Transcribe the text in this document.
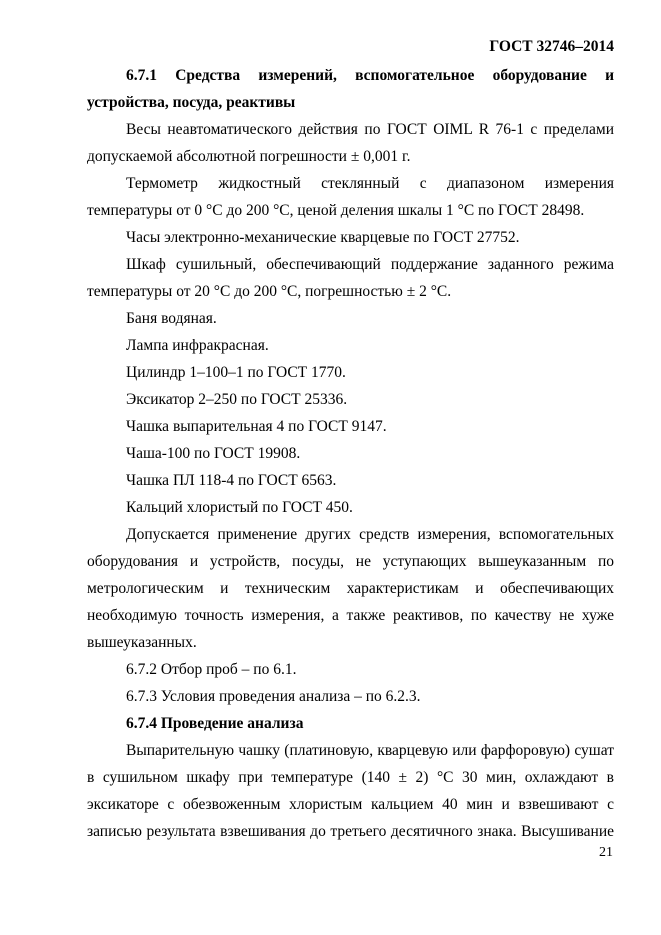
ГОСТ 32746–2014

6.7.1 Средства измерений, вспомогательное оборудование и устройства, посуда, реактивы

Весы неавтоматического действия по ГОСТ OIML R 76-1 с пределами допускаемой абсолютной погрешности ± 0,001 г.

Термометр жидкостный стеклянный с диапазоном измерения температуры от 0 °С до 200 °С, ценой деления шкалы 1 °С по ГОСТ 28498.

Часы электронно-механические кварцевые по ГОСТ 27752.

Шкаф сушильный, обеспечивающий поддержание заданного режима температуры от 20 °С до 200 °С, погрешностью ± 2 °С.

Баня водяная.

Лампа инфракрасная.

Цилиндр 1–100–1 по ГОСТ 1770.

Эксикатор 2–250 по ГОСТ 25336.

Чашка выпарительная 4 по ГОСТ 9147.

Чаша-100 по ГОСТ 19908.

Чашка ПЛ 118-4 по ГОСТ 6563.

Кальций хлористый по ГОСТ 450.

Допускается применение других средств измерения, вспомогательных оборудования и устройств, посуды, не уступающих вышеуказанным по метрологическим и техническим характеристикам и обеспечивающих необходимую точность измерения, а также реактивов, по качеству не хуже вышеуказанных.

6.7.2 Отбор проб – по 6.1.

6.7.3 Условия проведения анализа – по 6.2.3.

6.7.4 Проведение анализа

Выпарительную чашку (платиновую, кварцевую или фарфоровую) сушат в сушильном шкафу при температуре (140 ± 2) °С 30 мин, охлаждают в эксикаторе с обезвоженным хлористым кальцием 40 мин и взвешивают с записью результата взвешивания до третьего десятичного знака. Высушивание

21
